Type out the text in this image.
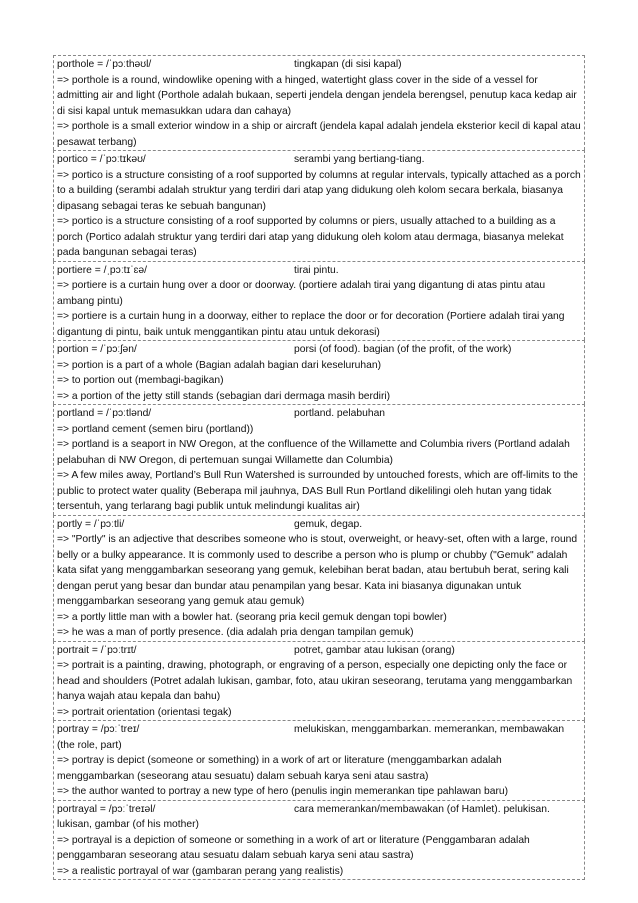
porthole = /ˈpɔːthəʊl/	tingkapan (di sisi kapal)
=> porthole is a round, windowlike opening with a hinged, watertight glass cover in the side of a vessel for admitting air and light (Porthole adalah bukaan, seperti jendela dengan jendela berengsel, penutup kaca kedap air di sisi kapal untuk memasukkan udara dan cahaya)
=> porthole is a small exterior window in a ship or aircraft (jendela kapal adalah jendela eksterior kecil di kapal atau pesawat terbang)
portico = /ˈpɔːtɪkəʊ/	serambi yang bertiang-tiang.
=> portico is a structure consisting of a roof supported by columns at regular intervals, typically attached as a porch to a building (serambi adalah struktur yang terdiri dari atap yang didukung oleh kolom secara berkala, biasanya dipasang sebagai teras ke sebuah bangunan)
=> portico is a structure consisting of a roof supported by columns or piers, usually attached to a building as a porch (Portico adalah struktur yang terdiri dari atap yang didukung oleh kolom atau dermaga, biasanya melekat pada bangunan sebagai teras)
portiere = /ˌpɔːtɪˈɛə/	tirai pintu.
=> portiere is a curtain hung over a door or doorway. (portiere adalah tirai yang digantung di atas pintu atau ambang pintu)
=> portiere is a curtain hung in a doorway, either to replace the door or for decoration (Portiere adalah tirai yang digantung di pintu, baik untuk menggantikan pintu atau untuk dekorasi)
portion = /ˈpɔːʃən/	porsi (of food). bagian (of the profit, of the work)
=> portion is a part of a whole (Bagian adalah bagian dari keseluruhan)
=> to portion out (membagi-bagikan)
=> a portion of the jetty still stands (sebagian dari dermaga masih berdiri)
portland = /ˈpɔːtlənd/	portland. pelabuhan
=> portland cement (semen biru (portland))
=> portland is a seaport in NW Oregon, at the confluence of the Willamette and Columbia rivers (Portland adalah pelabuhan di NW Oregon, di pertemuan sungai Willamette dan Columbia)
=> A few miles away, Portland’s Bull Run Watershed is surrounded by untouched forests, which are off-limits to the public to protect water quality (Beberapa mil jauhnya, DAS Bull Run Portland dikelilingi oleh hutan yang tidak tersentuh, yang terlarang bagi publik untuk melindungi kualitas air)
portly = /ˈpɔːtli/	gemuk, degap.
=> "Portly" is an adjective that describes someone who is stout, overweight, or heavy-set, often with a large, round belly or a bulky appearance. It is commonly used to describe a person who is plump or chubby ("Gemuk" adalah kata sifat yang menggambarkan seseorang yang gemuk, kelebihan berat badan, atau bertubuh berat, sering kali dengan perut yang besar dan bundar atau penampilan yang besar. Kata ini biasanya digunakan untuk menggambarkan seseorang yang gemuk atau gemuk)
=> a portly little man with a bowler hat. (seorang pria kecil gemuk dengan topi bowler)
=> he was a man of portly presence. (dia adalah pria dengan tampilan gemuk)
portrait = /ˈpɔːtrɪt/	potret, gambar atau lukisan (orang)
=> portrait is a painting, drawing, photograph, or engraving of a person, especially one depicting only the face or head and shoulders (Potret adalah lukisan, gambar, foto, atau ukiran seseorang, terutama yang menggambarkan hanya wajah atau kepala dan bahu)
=> portrait orientation (orientasi tegak)
portray = /pɔːˈtreɪ/	melukiskan, menggambarkan. memerankan, membawakan
(the role, part)
=> portray is depict (someone or something) in a work of art or literature (menggambarkan adalah menggambarkan (seseorang atau sesuatu) dalam sebuah karya seni atau sastra)
=> the author wanted to portray a new type of hero (penulis ingin memerankan tipe pahlawan baru)
portrayal = /pɔːˈtreɪəl/	cara memerankan/membawakan (of Hamlet). pelukisan.
lukisan, gambar (of his mother)
=> portrayal is a depiction of someone or something in a work of art or literature (Penggambaran adalah penggambaran seseorang atau sesuatu dalam sebuah karya seni atau sastra)
=> a realistic portrayal of war (gambaran perang yang realistis)
